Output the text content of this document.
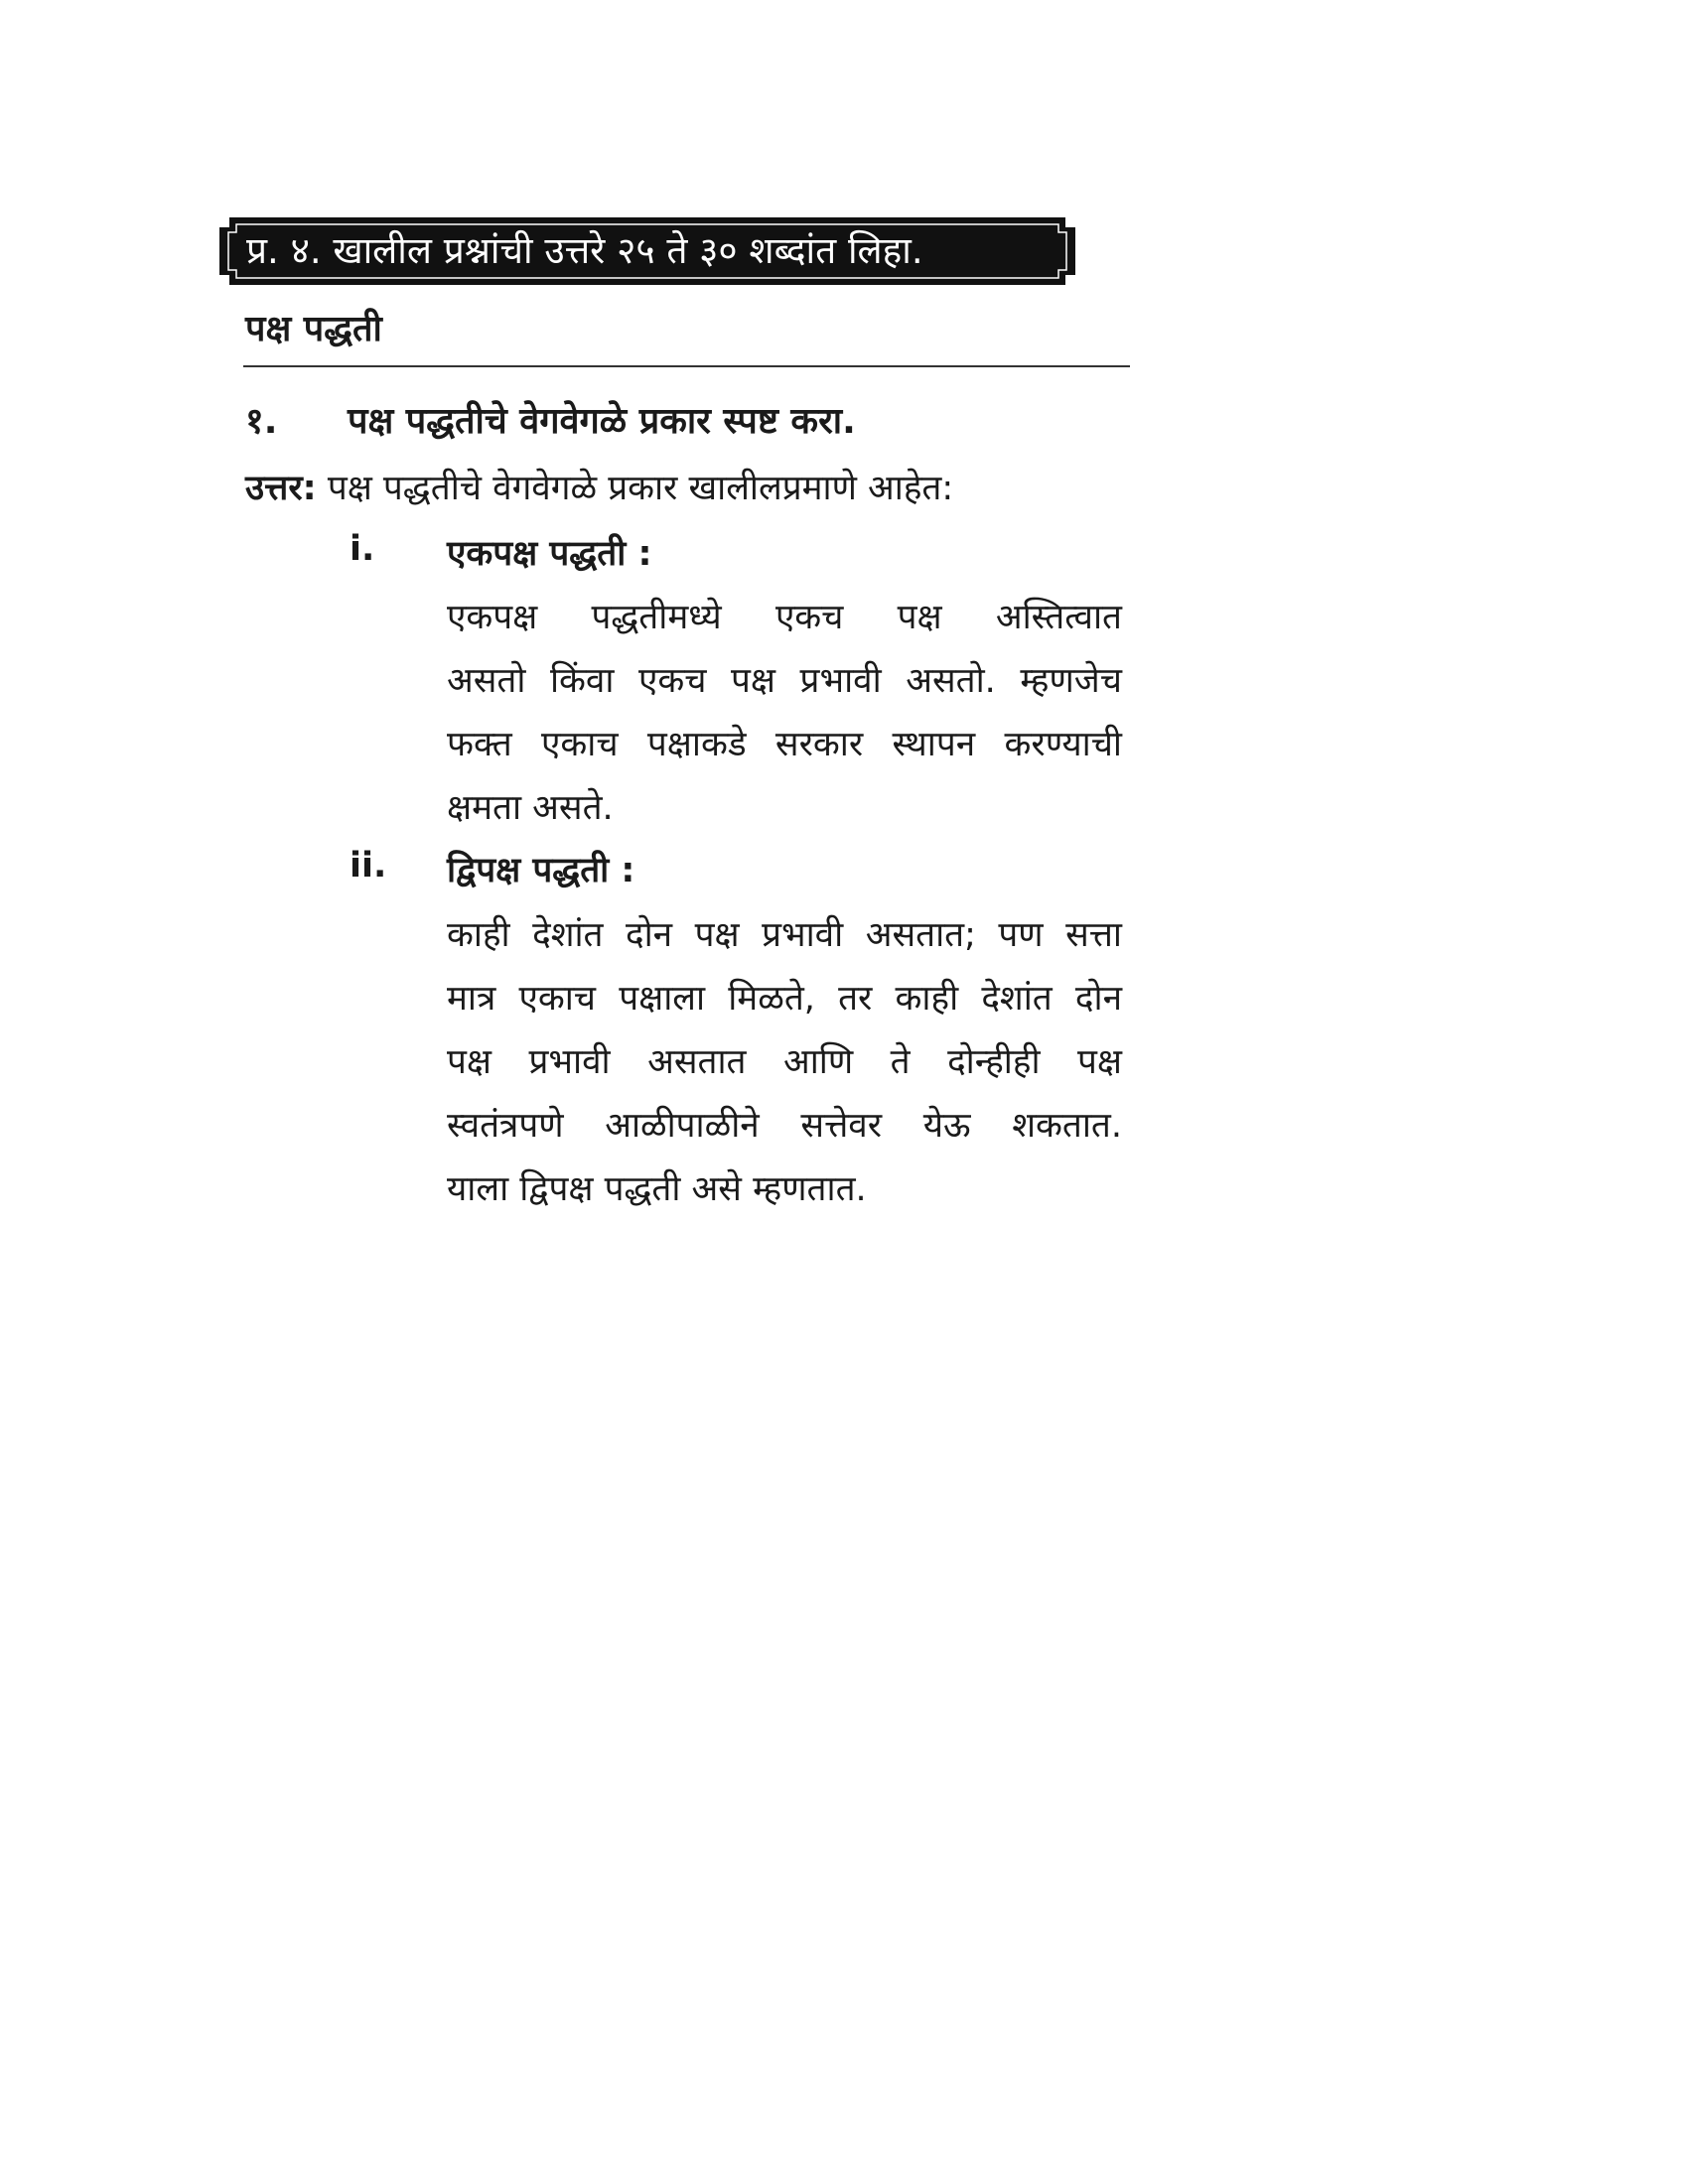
प्र. ४. खालील प्रश्नांची उत्तरे २५ ते ३० शब्दांत लिहा.
पक्ष पद्धती
१. पक्ष पद्धतीचे वेगवेगळे प्रकार स्पष्ट करा.
उत्तर: पक्ष पद्धतीचे वेगवेगळे प्रकार खालीलप्रमाणे आहेत:
i. एकपक्ष पद्धती :
एकपक्ष पद्धतीमध्ये एकच पक्ष अस्तित्वात
असतो किंवा एकच पक्ष प्रभावी असतो. म्हणजेच
फक्त एकाच पक्षाकडे सरकार स्थापन करण्याची
क्षमता असते.
ii. द्विपक्ष पद्धती :
काही देशांत दोन पक्ष प्रभावी असतात; पण सत्ता
मात्र एकाच पक्षाला मिळते, तर काही देशांत दोन
पक्ष प्रभावी असतात आणि ते दोन्हीही पक्ष
स्वतंत्रपणे आळीपाळीने सत्तेवर येऊ शकतात.
याला द्विपक्ष पद्धती असे म्हणतात.
